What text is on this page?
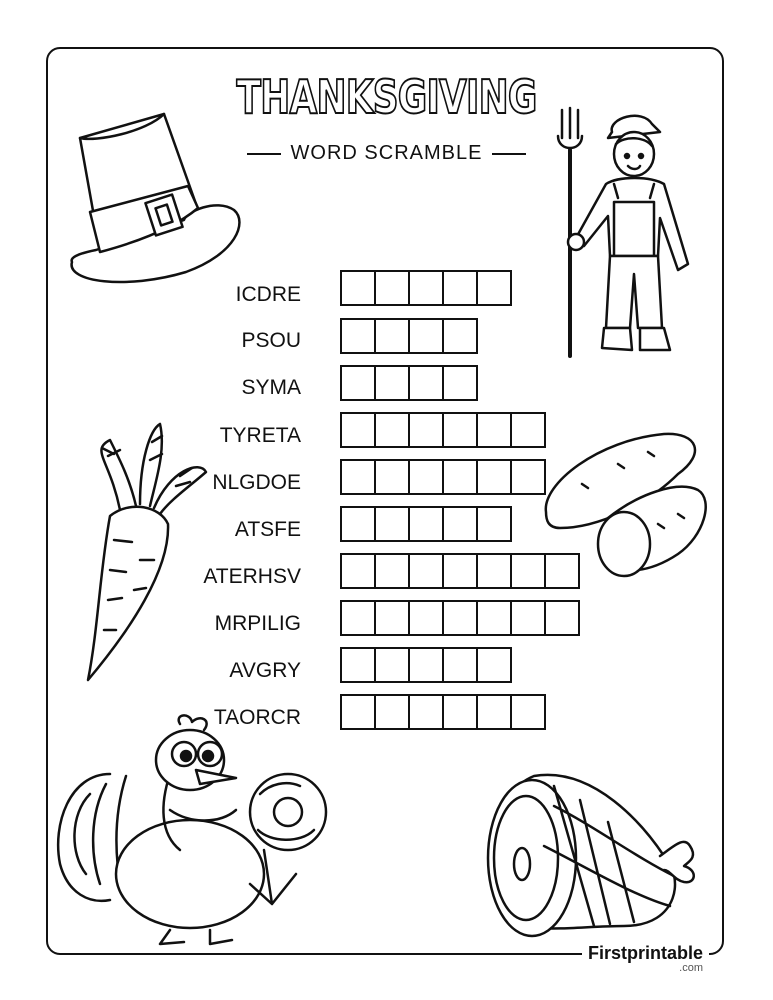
THANKSGIVING
WORD SCRAMBLE
ICDRE
PSOU
SYMA
TYRETA
NLGDOE
ATSFE
ATERHSV
MRPILIG
AVGRY
TAORCR
Firstprintable
.com
